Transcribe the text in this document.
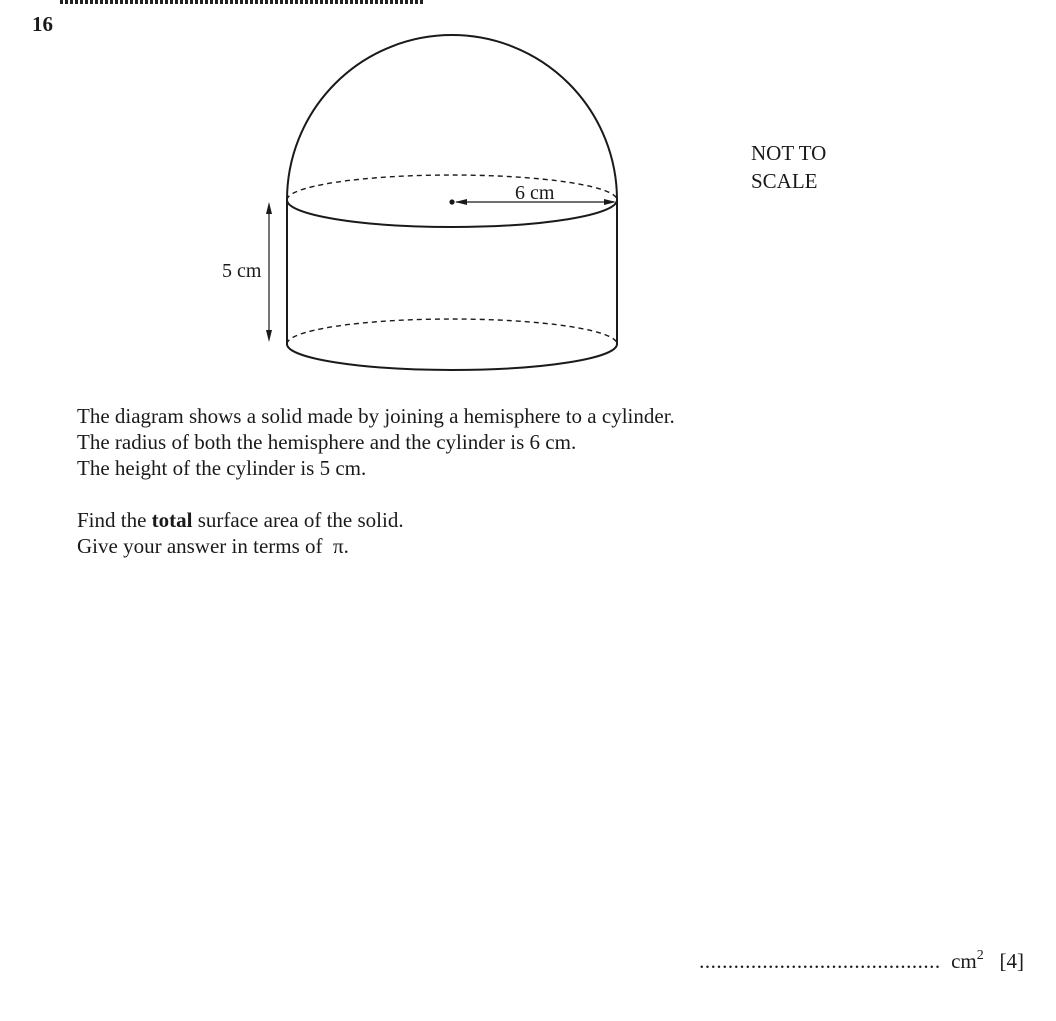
16
6 cm
5 cm
NOT TO
SCALE

The diagram shows a solid made by joining a hemisphere to a cylinder.

The radius of both the hemisphere and the cylinder is 6 cm.

The height of the cylinder is 5 cm.

Find the total surface area of the solid.

Give your answer in terms of  π.

.......................................... $cm^2$ [4]
